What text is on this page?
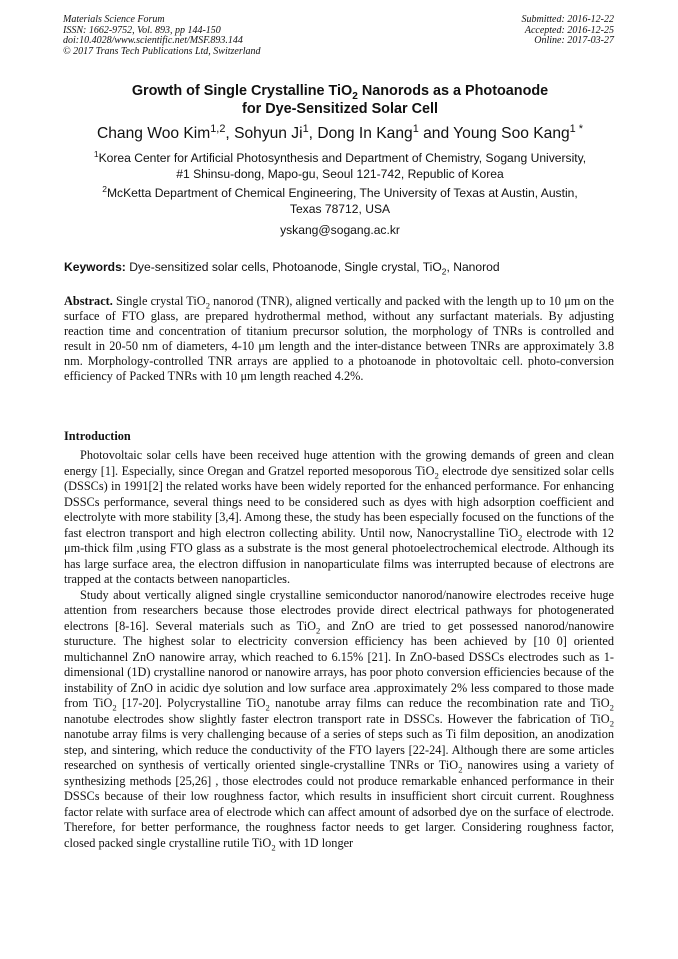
Materials Science Forum
ISSN: 1662-9752, Vol. 893, pp 144-150
doi:10.4028/www.scientific.net/MSF.893.144
© 2017 Trans Tech Publications Ltd, Switzerland
Submitted: 2016-12-22
Accepted: 2016-12-25
Online: 2017-03-27
Growth of Single Crystalline TiO$_2$ Nanorods as a Photoanode
for Dye-Sensitized Solar Cell
Chang Woo Kim$^{1,2}$, Sohyun Ji$^1$, Dong In Kang$^1$ and Young Soo Kang$^{1 *}$
$^1$Korea Center for Artificial Photosynthesis and Department of Chemistry, Sogang University,
#1 Shinsu-dong, Mapo-gu, Seoul 121-742, Republic of Korea
$^2$McKetta Department of Chemical Engineering, The University of Texas at Austin, Austin,
Texas 78712, USA
yskang@sogang.ac.kr
Keywords: Dye-sensitized solar cells, Photoanode, Single crystal, TiO$_2$, Nanorod

Abstract. Single crystal TiO$_2$ nanorod (TNR), aligned vertically and packed with the length up to 10 μm on the surface of FTO glass, are prepared hydrothermal method, without any surfactant materials. By adjusting reaction time and concentration of titanium precursor solution, the morphology of TNRs is controlled and result in 20-50 nm of diameters, 4-10 μm length and the inter-distance between TNRs are approximately 3.8 nm. Morphology-controlled TNR arrays are applied to a photoanode in photovoltaic cell. photo-conversion efficiency of Packed TNRs with 10 μm length reached 4.2%.

Introduction

Photovoltaic solar cells have been received huge attention with the growing demands of green and clean energy [1]. Especially, since Oregan and Gratzel reported mesoporous TiO$_2$ electrode dye sensitized solar cells (DSSCs) in 1991[2] the related works have been widely reported for the enhanced performance. For enhancing DSSCs performance, several things need to be considered such as dyes with high adsorption coefficient and electrolyte with more stability [3,4]. Among these, the study has been especially focused on the functions of the fast electron transport and high electron collecting ability. Until now, Nanocrystalline TiO$_2$ electrode with 12 μm-thick film ,using FTO glass as a substrate is the most general photoelectrochemical electrode. Although its has large surface area, the electron diffusion in nanoparticulate films was interrupted because of electrons are trapped at the contacts between nanoparticles.

Study about vertically aligned single crystalline semiconductor nanorod/nanowire electrodes receive huge attention from researchers because those electrodes provide direct electrical pathways for photogenerated electrons [8-16]. Several materials such as TiO$_2$ and ZnO are tried to get possessed nanorod/nanowire sturucture. The highest solar to electricity conversion efficiency has been achieved by [10 0] oriented multichannel ZnO nanowire array, which reached to 6.15% [21]. In ZnO-based DSSCs electrodes such as 1-dimensional (1D) crystalline nanorod or nanowire arrays, has poor photo conversion efficiencies because of the instability of ZnO in acidic dye solution and low surface area .approximately 2% less compared to those made from TiO$_2$ [17-20]. Polycrystalline TiO$_2$ nanotube array films can reduce the recombination rate and TiO$_2$ nanotube electrodes show slightly faster electron transport rate in DSSCs. However the fabrication of TiO$_2$ nanotube array films is very challenging because of a series of steps such as Ti film deposition, an anodization step, and sintering, which reduce the conductivity of the FTO layers [22-24]. Although there are some articles researched on synthesis of vertically oriented single-crystalline TNRs or TiO$_2$ nanowires using a variety of synthesizing methods [25,26] , those electrodes could not produce remarkable enhanced performance in their DSSCs because of their low roughness factor, which results in insufficient short circuit current. Roughness factor relate with surface area of electrode which can affect amount of adsorbed dye on the surface of electrode. Therefore, for better performance, the roughness factor needs to get larger. Considering roughness factor, closed packed single crystalline rutile TiO$_2$ with 1D longer
